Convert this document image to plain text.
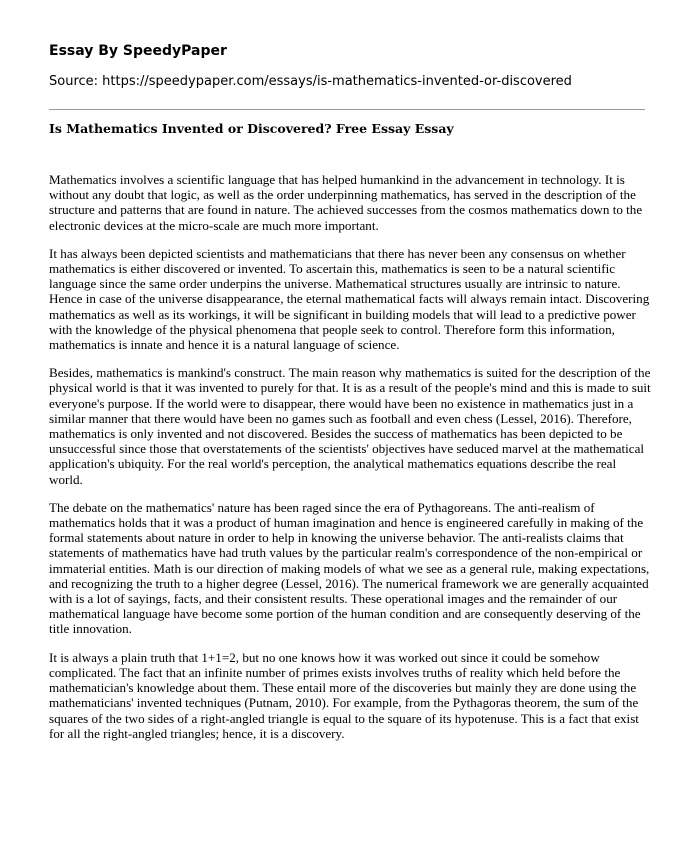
Essay By SpeedyPaper
Source: https://speedypaper.com/essays/is-mathematics-invented-or-discovered
Is Mathematics Invented or Discovered? Free Essay Essay

Mathematics involves a scientific language that has helped humankind in the advancement in technology. It is without any doubt that logic, as well as the order underpinning mathematics, has served in the description of the structure and patterns that are found in nature. The achieved successes from the cosmos mathematics down to the electronic devices at the micro-scale are much more important.

It has always been depicted scientists and mathematicians that there has never been any consensus on whether mathematics is either discovered or invented. To ascertain this, mathematics is seen to be a natural scientific language since the same order underpins the universe. Mathematical structures usually are intrinsic to nature. Hence in case of the universe disappearance, the eternal mathematical facts will always remain intact. Discovering mathematics as well as its workings, it will be significant in building models that will lead to a predictive power with the knowledge of the physical phenomena that people seek to control. Therefore form this information, mathematics is innate and hence it is a natural language of science.

Besides, mathematics is mankind's construct. The main reason why mathematics is suited for the description of the physical world is that it was invented to purely for that. It is as a result of the people's mind and this is made to suit everyone's purpose. If the world were to disappear, there would have been no existence in mathematics just in a similar manner that there would have been no games such as football and even chess (Lessel, 2016). Therefore, mathematics is only invented and not discovered. Besides the success of mathematics has been depicted to be unsuccessful since those that overstatements of the scientists' objectives have seduced marvel at the mathematical application's ubiquity. For the real world's perception, the analytical mathematics equations describe the real world.

The debate on the mathematics' nature has been raged since the era of Pythagoreans. The anti-realism of mathematics holds that it was a product of human imagination and hence is engineered carefully in making of the formal statements about nature in order to help in knowing the universe behavior. The anti-realists claims that statements of mathematics have had truth values by the particular realm's correspondence of the non-empirical or immaterial entities. Math is our direction of making models of what we see as a general rule, making expectations, and recognizing the truth to a higher degree (Lessel, 2016). The numerical framework we are generally acquainted with is a lot of sayings, facts, and their consistent results. These operational images and the remainder of our mathematical language have become some portion of the human condition and are consequently deserving of the title innovation.

It is always a plain truth that 1+1=2, but no one knows how it was worked out since it could be somehow complicated. The fact that an infinite number of primes exists involves truths of reality which held before the mathematician's knowledge about them. These entail more of the discoveries but mainly they are done using the mathematicians' invented techniques (Putnam, 2010). For example, from the Pythagoras theorem, the sum of the squares of the two sides of a right-angled triangle is equal to the square of its hypotenuse. This is a fact that exist for all the right-angled triangles; hence, it is a discovery.
